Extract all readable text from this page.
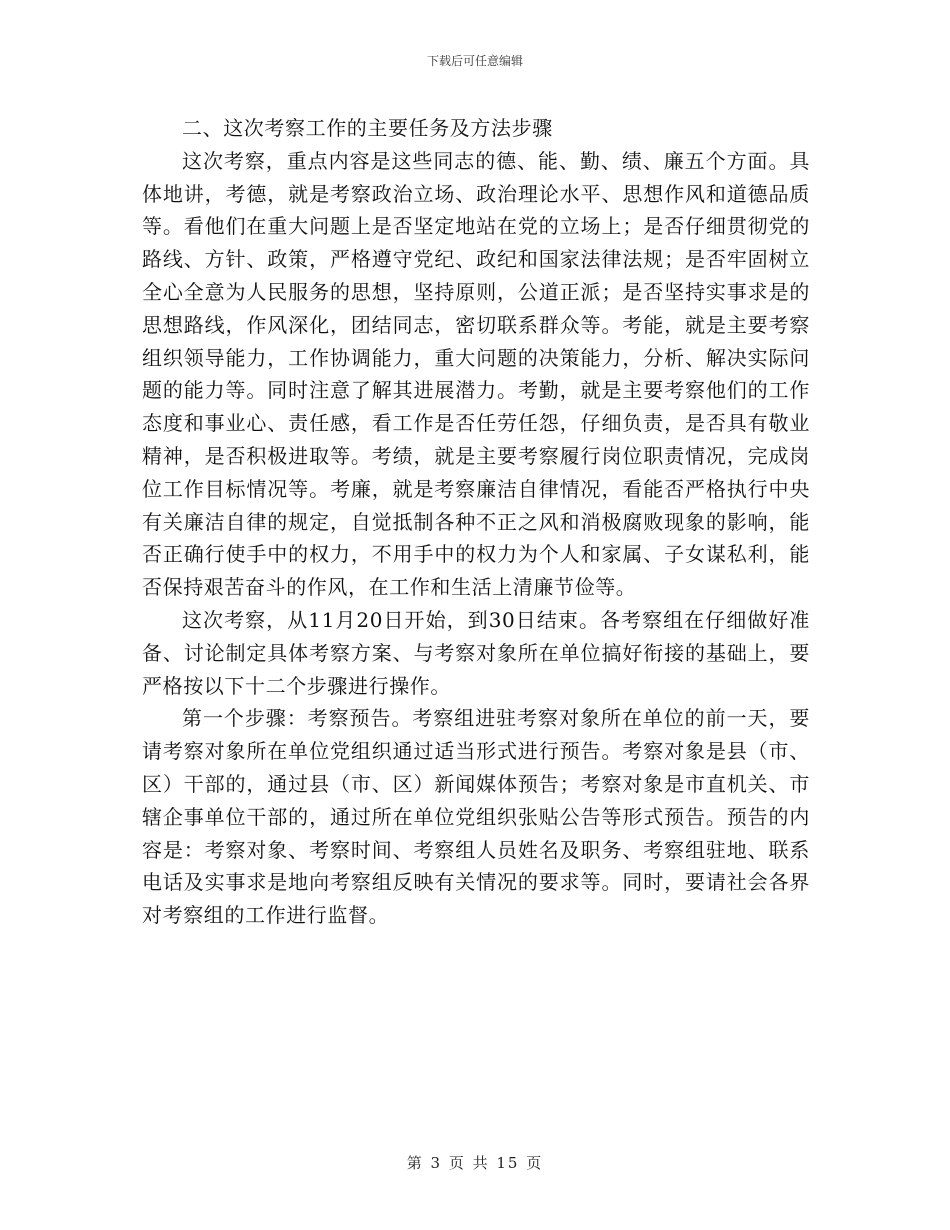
下载后可任意编辑

二、这次考察工作的主要任务及方法步骤

这次考察，重点内容是这些同志的德、能、勤、绩、廉五个方面。具体地讲，考德，就是考察政治立场、政治理论水平、思想作风和道德品质等。看他们在重大问题上是否坚定地站在党的立场上；是否仔细贯彻党的路线、方针、政策，严格遵守党纪、政纪和国家法律法规；是否牢固树立全心全意为人民服务的思想，坚持原则，公道正派；是否坚持实事求是的思想路线，作风深化，团结同志，密切联系群众等。考能，就是主要考察组织领导能力，工作协调能力，重大问题的决策能力，分析、解决实际问题的能力等。同时注意了解其进展潜力。考勤，就是主要考察他们的工作态度和事业心、责任感，看工作是否任劳任怨，仔细负责，是否具有敬业精神，是否积极进取等。考绩，就是主要考察履行岗位职责情况，完成岗位工作目标情况等。考廉，就是考察廉洁自律情况，看能否严格执行中央有关廉洁自律的规定，自觉抵制各种不正之风和消极腐败现象的影响，能否正确行使手中的权力，不用手中的权力为个人和家属、子女谋私利，能否保持艰苦奋斗的作风，在工作和生活上清廉节俭等。

这次考察，从11月20日开始，到30日结束。各考察组在仔细做好准备、讨论制定具体考察方案、与考察对象所在单位搞好衔接的基础上，要严格按以下十二个步骤进行操作。

第一个步骤：考察预告。考察组进驻考察对象所在单位的前一天，要请考察对象所在单位党组织通过适当形式进行预告。考察对象是县（市、区）干部的，通过县（市、区）新闻媒体预告；考察对象是市直机关、市辖企事单位干部的，通过所在单位党组织张贴公告等形式预告。预告的内容是：考察对象、考察时间、考察组人员姓名及职务、考察组驻地、联系电话及实事求是地向考察组反映有关情况的要求等。同时，要请社会各界对考察组的工作进行监督。

第 3 页 共 15 页
